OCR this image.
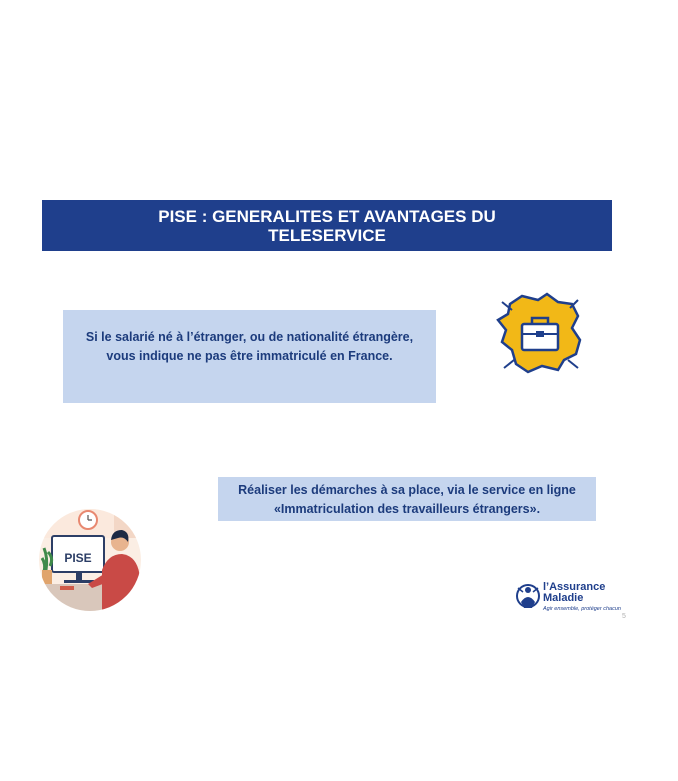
PISE : GENERALITES ET AVANTAGES DU
TELESERVICE
Si le salarié né à l’étranger, ou de nationalité étrangère,
vous indique ne pas être immatriculé en France.
Réaliser les démarches à sa place, via le service en ligne
«Immatriculation des travailleurs étrangers».
PISE
l’Assurance
Maladie
Agir ensemble, protéger chacun
5
